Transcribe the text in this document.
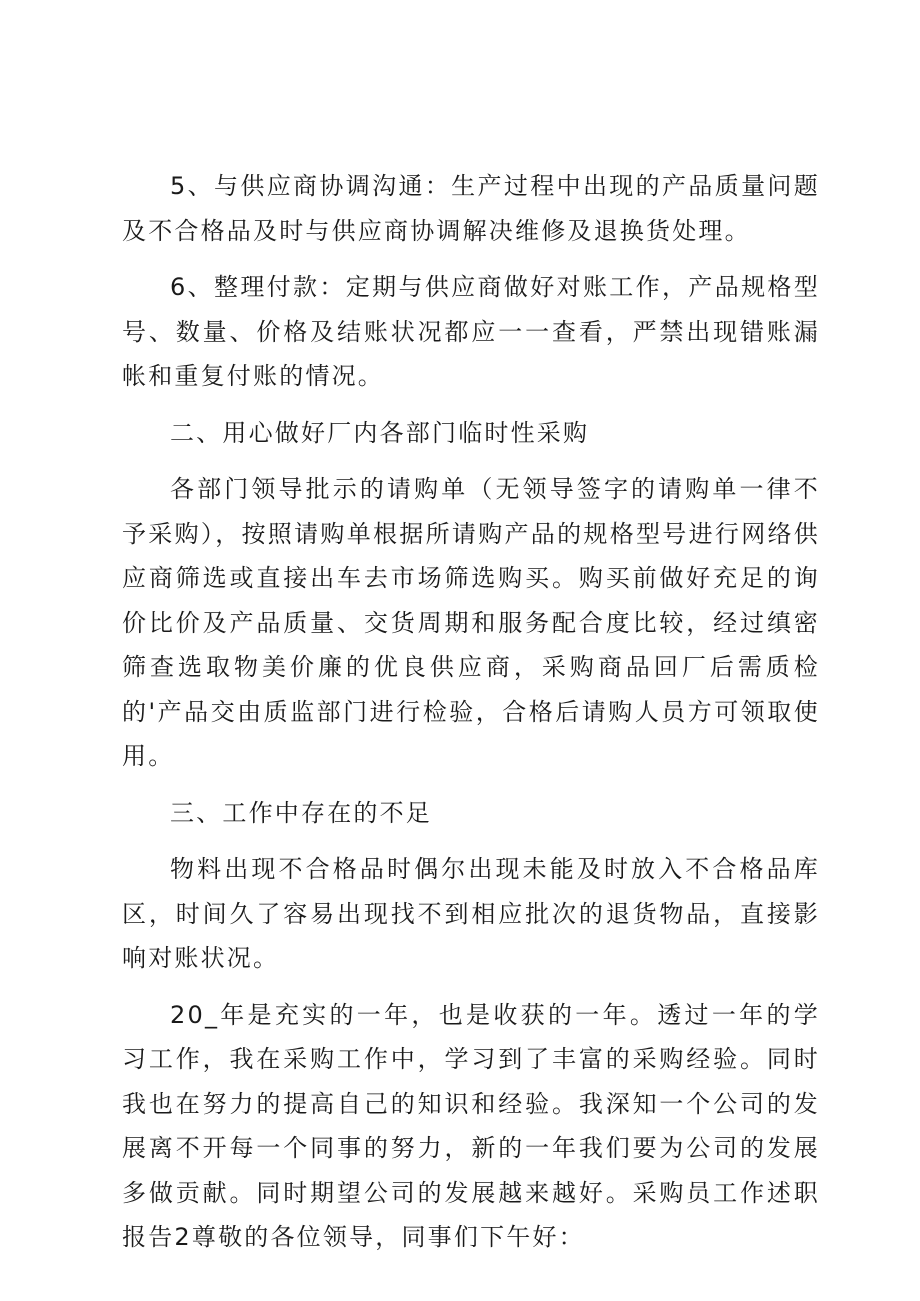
5、与供应商协调沟通：生产过程中出现的产品质量问题及不合格品及时与供应商协调解决维修及退换货处理。

6、整理付款：定期与供应商做好对账工作，产品规格型号、数量、价格及结账状况都应一一查看，严禁出现错账漏帐和重复付账的情况。

二、用心做好厂内各部门临时性采购

各部门领导批示的请购单（无领导签字的请购单一律不予采购），按照请购单根据所请购产品的规格型号进行网络供应商筛选或直接出车去市场筛选购买。购买前做好充足的询价比价及产品质量、交货周期和服务配合度比较，经过缜密筛查选取物美价廉的优良供应商，采购商品回厂后需质检的'产品交由质监部门进行检验，合格后请购人员方可领取使用。

三、工作中存在的不足

物料出现不合格品时偶尔出现未能及时放入不合格品库区，时间久了容易出现找不到相应批次的退货物品，直接影响对账状况。

20_年是充实的一年，也是收获的一年。透过一年的学习工作，我在采购工作中，学习到了丰富的采购经验。同时我也在努力的提高自己的知识和经验。我深知一个公司的发展离不开每一个同事的努力，新的一年我们要为公司的发展多做贡献。同时期望公司的发展越来越好。采购员工作述职报告2尊敬的各位领导，同事们下午好：
